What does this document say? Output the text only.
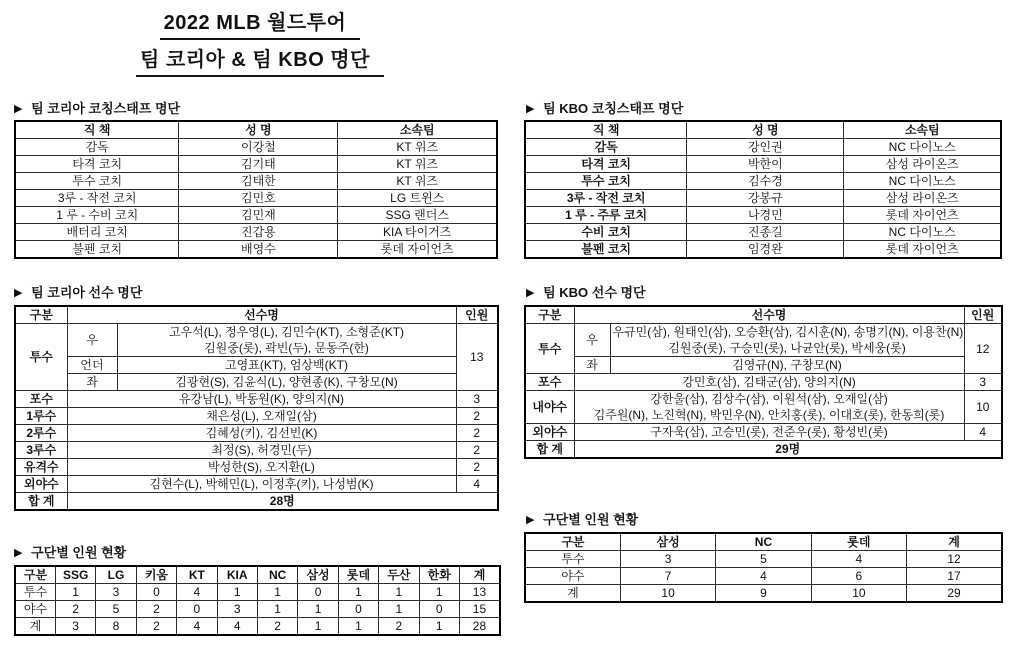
2022 MLB 월드투어
팀 코리아 & 팀 KBO 명단
▶ 팀 코리아 코칭스태프 명단	▶ 팀 KBO 코칭스태프 명단
▶ 팀 코리아 선수 명단	▶ 팀 KBO 선수 명단
▶ 구단별 인원 현황
▶ 구단별 인원 현황
직 책	성 명	소속팀
감독	이강철	KT 위즈
타격 코치	김기태	KT 위즈
투수 코치	김태한	KT 위즈
3루 - 작전 코치	김민호	LG 트윈스
1 루 - 수비 코치	김민재	SSG 랜더스
배터리 코치	진갑용	KIA 타이거즈
불펜 코치	배영수	롯데 자이언츠
직 책	성 명	소속팀
감독	강인권	NC 다이노스
타격 코치	박한이	삼성 라이온즈
투수 코치	김수경	NC 다이노스
3루 - 작전 코치	강봉규	삼성 라이온즈
1 루 - 주루 코치	나경민	롯데 자이언츠
수비 코치	진종길	NC 다이노스
불펜 코치	임경완	롯데 자이언츠
구분	선수명		인원
투수	우	고우석(L), 정우영(L), 김민수(KT), 소형준(KT)
김원중(롯), 곽빈(두), 문동주(한)	13
	언더	고영표(KT), 엄상백(KT)	
	좌	김광현(S), 김윤식(L), 양현종(K), 구창모(N)	
포수	유강남(L), 박동원(K), 양의지(N)		3
1루수	채은성(L), 오재일(삼)		2
2루수	김혜성(키), 김선빈(K)		2
3루수	최정(S), 허경민(두)		2
유격수	박성한(S), 오지환(L)		2
외야수	김현수(L), 박해민(L), 이정후(키), 나성범(K)		4
합 계	28명		
구분	선수명		인원
투수	우	우규민(삼), 원태인(삼), 오승환(삼), 김시훈(N), 송명기(N), 이용찬(N)
김원중(롯), 구승민(롯), 나균안(롯), 박세웅(롯)	12
	좌	김영규(N), 구창모(N)	
포수	강민호(삼), 김태군(삼), 양의지(N)		3
내야수	강한울(삼), 김상수(삼), 이원석(삼), 오재일(삼)
김주원(N), 노진혁(N), 박민우(N), 안치홍(롯), 이대호(롯), 한동희(롯)		10
외야수	구자욱(삼), 고승민(롯), 전준우(롯), 황성빈(롯)		4
합 계	29명		
구분	SSG	LG	키움	KT	KIA	NC	삼성	롯데	두산	한화	계
투수	1	3	0	4	1	1	0	1	1	1	13
야수	2	5	2	0	3	1	1	0	1	0	15
계	3	8	2	4	4	2	1	1	2	1	28
구분	삼성	NC	롯데	계
투수	3	5	4	12
야수	7	4	6	17
계	10	9	10	29
